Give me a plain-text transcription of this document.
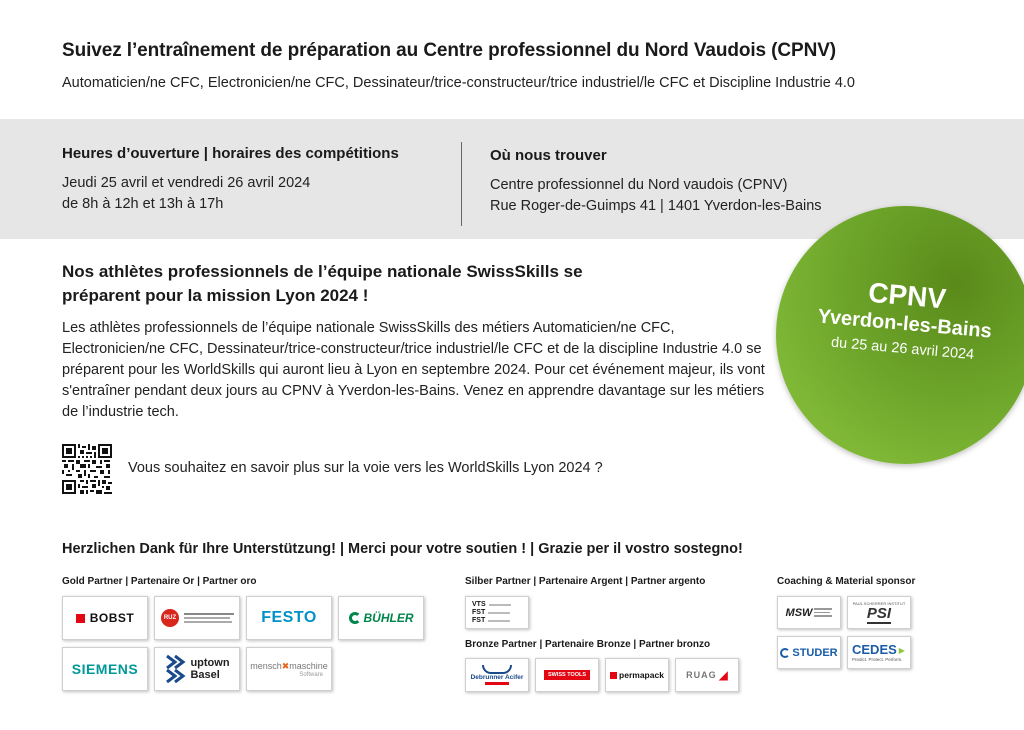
Suivez l’entraînement de préparation au Centre professionnel du Nord Vaudois (CPNV)
Automaticien/ne CFC, Electronicien/ne CFC, Dessinateur/trice-constructeur/trice industriel/le CFC et Discipline Industrie 4.0
Heures d’ouverture | horaires des compétitions
Jeudi 25 avril et vendredi 26 avril 2024
de 8h à 12h et 13h à 17h
Où nous trouver
Centre professionnel du Nord vaudois (CPNV)
Rue Roger-de-Guimps 41 | 1401 Yverdon-les-Bains
CPNV
Yverdon-les-Bains
du 25 au 26 avril 2024
Nos athlètes professionnels de l’équipe nationale SwissSkills se
préparent pour la mission Lyon 2024 !
Les athlètes professionnels de l’équipe nationale SwissSkills des métiers Automaticien/ne CFC, Electronicien/ne CFC, Dessinateur/trice-constructeur/trice industriel/le CFC et de la discipline Industrie 4.0 se préparent pour les WorldSkills qui auront lieu à Lyon en septembre 2024. Pour cet événement majeur, ils vont s'entraîner pendant deux jours au CPNV à Yverdon-les-Bains. Venez en apprendre davantage sur les métiers de l’industrie tech.
Vous souhaitez en savoir plus sur la voie vers les WorldSkills Lyon 2024 ?
Herzlichen Dank für Ihre Unterstützung! | Merci pour votre soutien ! | Grazie per il vostro sostegno!
Gold Partner | Partenaire Or | Partner oro	Silber Partner | Partenaire Argent | Partner argento
Bronze Partner | Partenaire Bronze | Partner bronzo
Coaching & Material sponsor
BOBST	RUZ	FESTO	BÜHLER
SIEMENS	uptown
Basel
mensch✖maschine
Software
VTS
FST
FST
Debrunner Acifer	SWISS TOOLS	permapack RUAG ◢
MSW
PAUL SCHERRER INSTITUT
PSI
STUDER CEDES ▶
Predict. Protect. Perform.
